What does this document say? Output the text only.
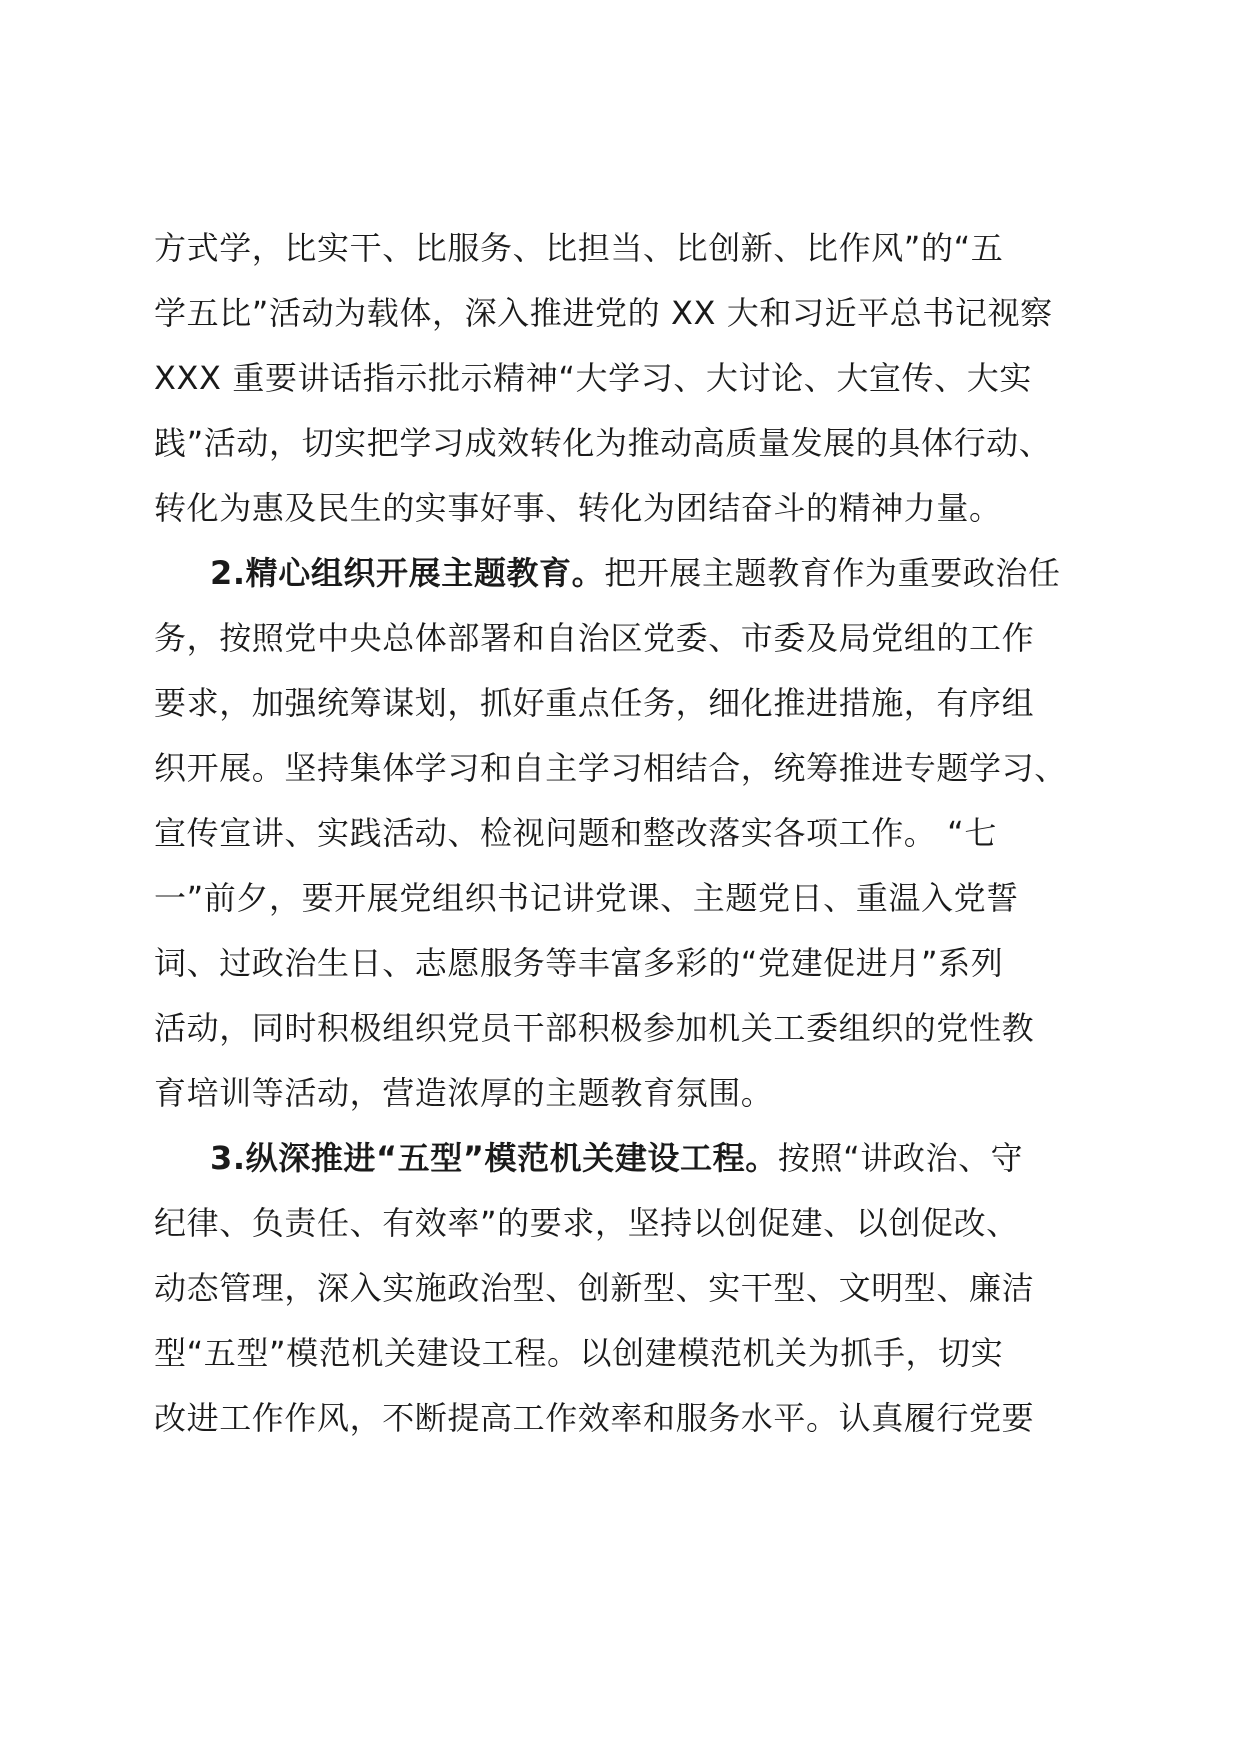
方式学，比实干、比服务、比担当、比创新、比作风”的“五
学五比”活动为载体，深入推进党的 XX 大和习近平总书记视察
XXX 重要讲话指示批示精神“大学习、大讨论、大宣传、大实
践”活动，切实把学习成效转化为推动高质量发展的具体行动、
转化为惠及民生的实事好事、转化为团结奋斗的精神力量。
2.精心组织开展主题教育。把开展主题教育作为重要政治任
务，按照党中央总体部署和自治区党委、市委及局党组的工作
要求，加强统筹谋划，抓好重点任务，细化推进措施，有序组
织开展。坚持集体学习和自主学习相结合，统筹推进专题学习、
宣传宣讲、实践活动、检视问题和整改落实各项工作。 “七
一”前夕，要开展党组织书记讲党课、主题党日、重温入党誓
词、过政治生日、志愿服务等丰富多彩的“党建促进月”系列
活动，同时积极组织党员干部积极参加机关工委组织的党性教
育培训等活动，营造浓厚的主题教育氛围。
3.纵深推进“五型”模范机关建设工程。按照“讲政治、守
纪律、负责任、有效率”的要求，坚持以创促建、以创促改、
动态管理，深入实施政治型、创新型、实干型、文明型、廉洁
型“五型”模范机关建设工程。以创建模范机关为抓手，切实
改进工作作风，不断提高工作效率和服务水平。认真履行党要
